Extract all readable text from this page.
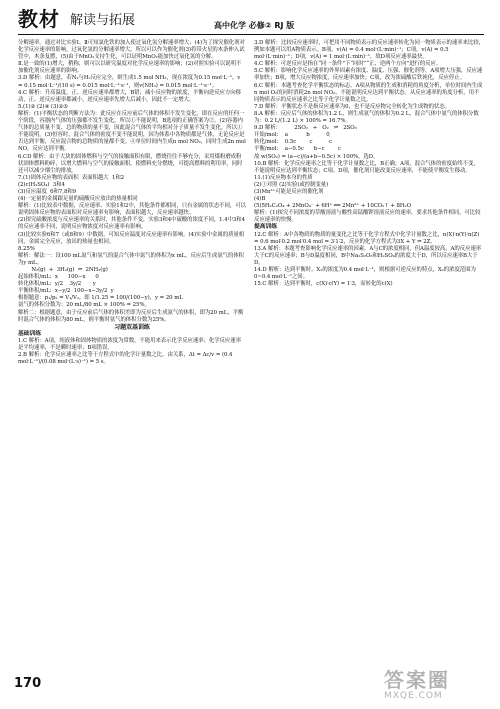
教材 解读与拓展	高中化学 必修② RJ 版

分解速率。通过对比实验Ⅰ、Ⅱ可知氯化铁的加入使过氧化氢分解速率增大；(4)为了探究催化剂对化学反应速率的影响，过氧化氢的分解速率增大，所以可以作为催化剂(3)将带火星的木条伸入试管中，木条复燃，(5)由于MnO₂支持生化，可以证明MnO₂能加快过氧化氢的分解。

Ⅱ.是一致的(1)增大，稍称，则可以以研究温度对化学反应速率的影响；(2)对照实验可以说明不加催化剂反应速率的影响。

3.D 解析：由题意，若N₂与H₂反应完全，则生成1.5 mol NH₃，现在浓度为0.15 mol·L⁻¹，v = 0.15 mol·L⁻¹/(10 s) = 0.015 mol·L⁻¹·s⁻¹，则v(NH₃) = 0.015 mol·L⁻¹·s⁻¹。

4.C 解析：升高温度，正、逆反应速率都增大，B错；减小反应物的浓度，平衡向逆反应方向移动，正、逆反应速率都减小，逆反应速率先增大后减小，因此不一定增大。

5.(1)② (2)④ (3)②⑤

解析：(1)平衡状态的判断方法为：此反应在反应前后气体的体积不发生变化，即在反应的任何一个阶段，容器内气体的压强都不发生变化，所以①不能说明，B选项的正确答案为②。(2)容器内气体的总质量不变、总的物质的量不变，因此混合气体的平均相对分子质量不发生变化，所以①不能说明。(3)恒容时，混合气体的密度不变不能说明，因为体系中各物质都是气体，无论反应是否达到平衡，反应混合物的总物质的量都不变。④单位时间内生成n mol NO₂，同时生成2n mol NO，反应达到平衡。

6.CD 解析：由于大块的固体燃料与空气的接触面积有限，燃烧往往不够充分，采用煤粉磨成粉状固体燃料粉碎，以增大燃料与空气的接触面积，使燃料充分燃烧，可提高燃料的利用率，同时还可以减少烟尘的排放。

7.(1)固体反应物的表面积  表面积越大  1和2

(2)c(H₂SO₄)  3和4

(3)反应温度  6和7,8和9

(4)一定量的金属跟足量的硫酸反应放出的热量相同

解析：(1)比较表中数据，反应速率、实验1和2中，其他条件都相同，只有金属的状态不同，可以说明固体反应物的表面积对反应速率有影响，表面积越大，反应速率越快。

(2)探究硫酸浓度与反应速率的关系时，其他条件不变，实验3和4中硫酸的浓度不同，1.4中3和4的反应速率不同，说明反应物浓度对反应速率有影响。

(3)比较实验6和7（或8和9）中数据，可知反应温度对反应速率有影响。(4)实验中金属的质量相同，金属完全反应，放出的热量也相同。

8.25%

解析：解法一：设100 mL氮气和氢气的混合气体中氮气的体积为x mL，反应后生成氨气的体积为y mL。

N₂(g)  +  3H₂(g)  ⇌  2NH₃(g)

起始体积/mL:  x      100−x      0

转化体积/mL:  y/2    3y/2       y

平衡体积/mL:  x−y/2  100−x−3y/2  y

根据题意：p₁/p₂ = V₁/V₂，即 1/1.25 = 100/(100−y)，y = 20 mL

氨气的体积分数为：20 mL/80 mL × 100% = 25%。

解析二：根据题意，由于反应前后气体的体积差即为反应后生成氨气的体积，即为20 mL，平衡时混合气体的体积为80 mL，则平衡时氨气的体积分数为25%。

习题双基训练

基础训练

1.C 解析：A项，纯液体和固体物质的浓度为常数，不能用来表示化学反应速率；化学反应速率是平均速率，不是瞬时速率；B项错误。

2.B 解析：化学反应速率之比等于方程式中的化学计量数之比。由关系，Δt = Δc/v = (0.4 mol·L⁻¹)/(0.08 mol·(L·s)⁻¹) = 5 s。

3.D 解析：比较反应速率时，可把用不同物质表示的反应速率转化为同一物质表示的速率来比较，例如本题可以用A物质表示。B项，v(A) = 0.4 mol·(L·min)⁻¹；C项，v(A) = 0.5 mol·(L·min)⁻¹；D项，v(A) = 1 mol·(L·min)⁻¹，故D项反应速率最快。

4.C 解析：可逆反应是指在“同一条件”下“同时”“正、逆两个方向”进行的反应。

5.C 解析：影响化学反应速率的外界因素有浓度、温度、压强、催化剂等，A项增大压强，反应速率加快；B项，增大反应物浓度，反应速率加快；C项，改为浓硫酸后铁钝化，反应停止。

6.C 解析：本题考查化学平衡状态的标志。A项从物质的生成和消耗的角度分析，单位时间内生成n mol O₂的同时消耗2n mol NO₂，不能说明反应达到平衡状态。从反应速率的角度分析，用不同物质表示的反应速率之比等于化学计量数之比。

7.D 解析：平衡状态不是指反应速率为0，也不是反应物完全转化为生成物的状态。

8.A 解析：反应后气体的体积为1.2 L，则生成氨气的体积为0.2 L，混合气体中氨气的体积分数为：0.2 L/(1.2 L) × 100% = 16.7%。

9.D 解析：        2SO₂   +   O₂   ⇌   2SO₃

开始/mol:    a           b          0

转化/mol:    0.5c        c          c

平衡/mol:    a−0.5c      b−c        c

故 w(SO₂) = (a−c)/(a+b−0.5c) × 100%，选D。

10.B 解析：化学反应速率之比等于化学计量数之比，B正确；A项，混合气体的密度始终不变，不能说明反应达到平衡状态；C项、D项，催化剂只能改变反应速率，不能使平衡发生移动。

11.(1)反应物本身的性质

(2)①对照 (2)实验(或控制变量)

(3)Mn²⁺可能是反应的催化剂

(4)B

(5)5H₂C₂O₄ + 2MnO₄⁻ + 6H⁺ ══ 2Mn²⁺ + 10CO₂↑ + 8H₂O

解析：(1)探究不同浓度的草酸溶液与酸性高锰酸钾溶液反应的速率，要求其他条件相同，可比较反应速率的快慢。

提高训练

12.C 解析：A中各物质的物质的量变化之比等于化学方程式中化学计量数之比，n(X)∶n(Y)∶n(Z) = 0.6 mol∶0.2 mol∶0.4 mol = 3∶1∶2，反应的化学方程式为3X + Y ⇌ 2Z。

13.A 解析：本题考查影响化学反应速率的因素。A与C的浓度相同，但A温度较高，A的反应速率大于C的反应速率；B与D温度相同，B中Na₂S₂O₃和H₂SO₄的浓度大于D，所以反应速率B大于D。

14.D 解析：达到平衡时，X₂的浓度为0.4 mol·L⁻¹，则根据可逆反应的特点，X₂的浓度范围为0~0.4 mol·L⁻¹之间。

15.C 解析：达到平衡时，c(X)∶c(Y) = 1∶3，而转化的c(X)

170	答案圈
MXQE.COM
